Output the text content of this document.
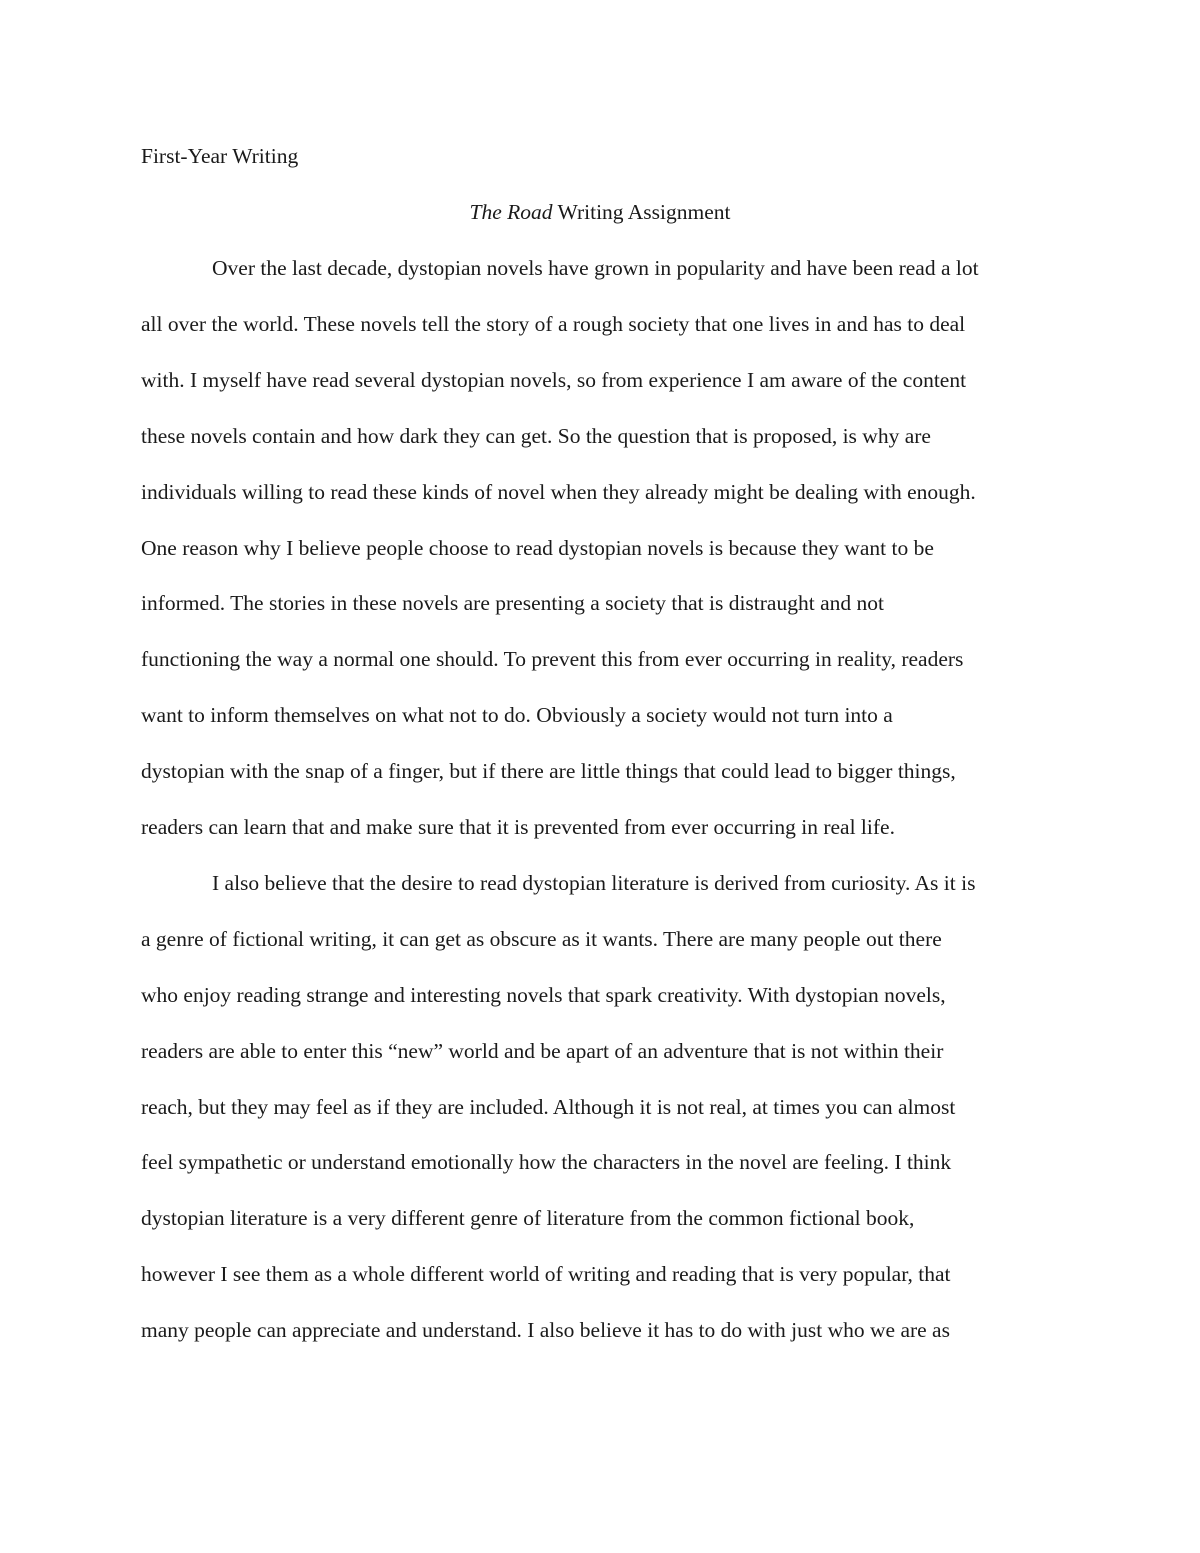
First-Year Writing
The Road Writing Assignment
Over the last decade, dystopian novels have grown in popularity and have been read a lot
all over the world. These novels tell the story of a rough society that one lives in and has to deal
with. I myself have read several dystopian novels, so from experience I am aware of the content
these novels contain and how dark they can get. So the question that is proposed, is why are
individuals willing to read these kinds of novel when they already might be dealing with enough.
One reason why I believe people choose to read dystopian novels is because they want to be
informed. The stories in these novels are presenting a society that is distraught and not
functioning the way a normal one should. To prevent this from ever occurring in reality, readers
want to inform themselves on what not to do. Obviously a society would not turn into a
dystopian with the snap of a finger, but if there are little things that could lead to bigger things,
readers can learn that and make sure that it is prevented from ever occurring in real life.
I also believe that the desire to read dystopian literature is derived from curiosity. As it is
a genre of fictional writing, it can get as obscure as it wants. There are many people out there
who enjoy reading strange and interesting novels that spark creativity. With dystopian novels,
readers are able to enter this “new” world and be apart of an adventure that is not within their
reach, but they may feel as if they are included. Although it is not real, at times you can almost
feel sympathetic or understand emotionally how the characters in the novel are feeling. I think
dystopian literature is a very different genre of literature from the common fictional book,
however I see them as a whole different world of writing and reading that is very popular, that
many people can appreciate and understand. I also believe it has to do with just who we are as
